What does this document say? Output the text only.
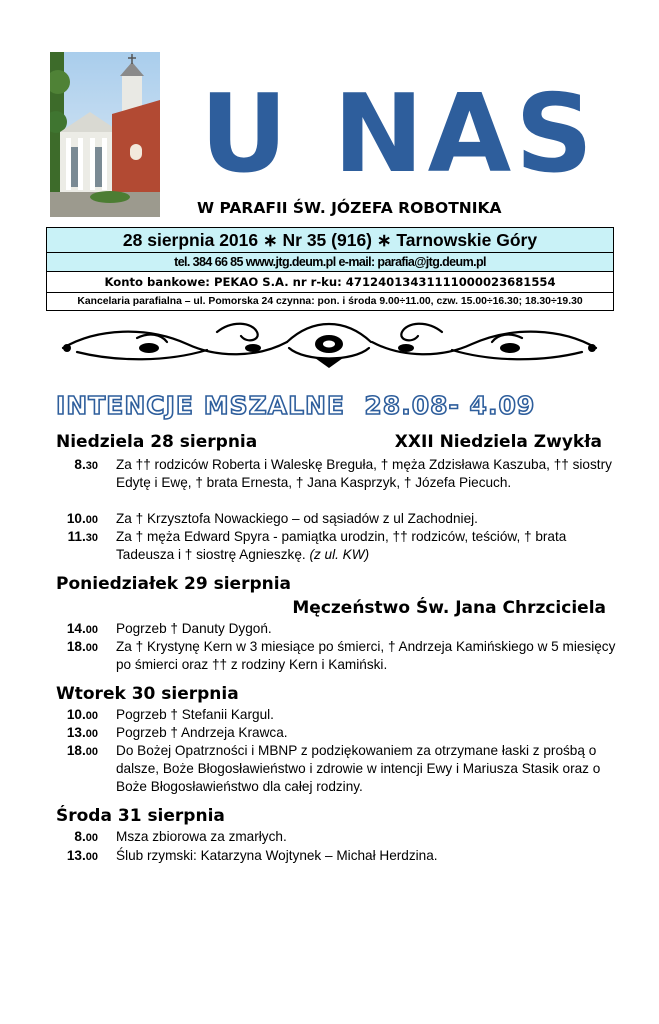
U NAS
W PARAFII ŚW. JÓZEFA ROBOTNIKA
28 sierpnia 2016 ∗ Nr 35 (916) ∗ Tarnowskie Góry
tel. 384 66 85 www.jtg.deum.pl e-mail: parafia@jtg.deum.pl
Konto bankowe: PEKAO S.A. nr r-ku: 47124013431111000023681554
Kancelaria parafialna – ul. Pomorska 24 czynna: pon. i środa 9.00÷11.00, czw. 15.00÷16.30; 18.30÷19.30
INTENCJE MSZALNE  28.08- 4.09
Niedziela 28 sierpnia	XXII Niedziela Zwykła
8.30 Za †† rodziców Roberta i Waleskę Breguła, † męża Zdzisława Kaszuba, †† siostry Edytę i Ewę, † brata Ernesta, † Jana Kasprzyk, † Józefa Piecuch.
10.00 Za † Krzysztofa Nowackiego – od sąsiadów z ul Zachodniej.
11.30 Za † męża Edward Spyra - pamiątka urodzin, †† rodziców, teściów, † brata Tadeusza i † siostrę Agnieszkę. (z ul. KW)
Poniedziałek 29 sierpnia
Męczeństwo Św. Jana Chrzciciela
14.00 Pogrzeb † Danuty Dygoń.
18.00 Za † Krystynę Kern w 3 miesiące po śmierci, † Andrzeja Kamińskiego w 5 miesięcy po śmierci oraz †† z rodziny Kern i Kamiński.
Wtorek 30 sierpnia
10.00 Pogrzeb † Stefanii Kargul.
13.00 Pogrzeb † Andrzeja Krawca.
18.00 Do Bożej Opatrzności i MBNP z podziękowaniem za otrzymane łaski z prośbą o dalsze, Boże Błogosławieństwo i zdrowie w intencji Ewy i Mariusza Stasik oraz o Boże Błogosławieństwo dla całej rodziny.
Środa 31 sierpnia
8.00 Msza zbiorowa za zmarłych.
13.00 Ślub rzymski: Katarzyna Wojtynek – Michał Herdzina.
